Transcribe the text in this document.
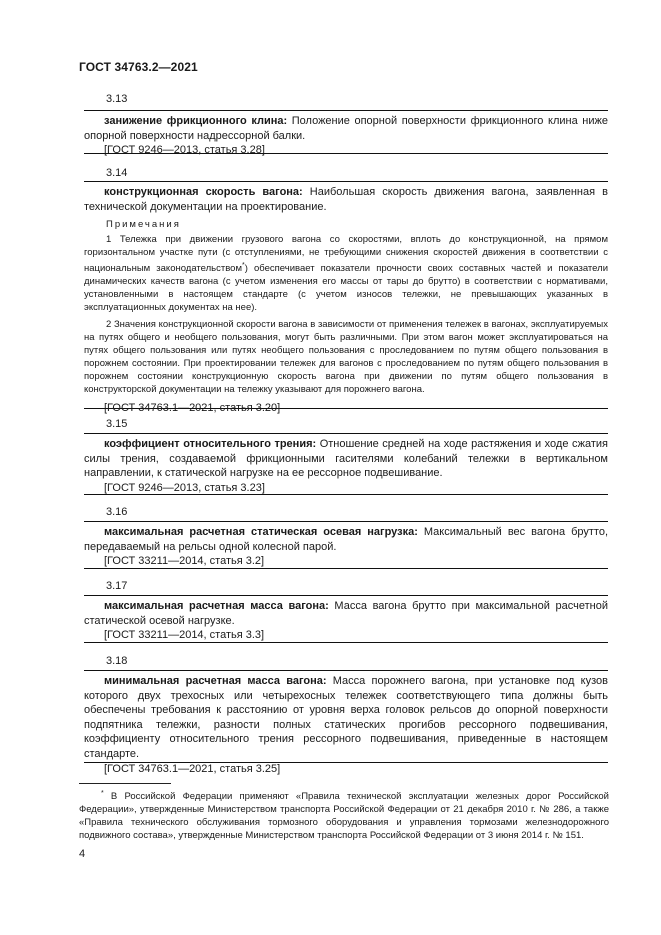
ГОСТ 34763.2—2021
3.13

занижение фрикционного клина: Положение опорной поверхности фрикционного клина ниже опорной поверхности надрессорной балки.

[ГОСТ 9246—2013, статья 3.28]

3.14

конструкционная скорость вагона: Наибольшая скорость движения вагона, заявленная в технической документации на проектирование.

Примечания

1 Тележка при движении грузового вагона со скоростями, вплоть до конструкционной, на прямом горизонтальном участке пути (с отступлениями, не требующими снижения скоростей движения в соответствии с национальным законодательством*) обеспечивает показатели прочности своих составных частей и показатели динамических качеств вагона (с учетом изменения его массы от тары до брутто) в соответствии с нормативами, установленными в настоящем стандарте (с учетом износов тележки, не превышающих указанных в эксплуатационных документах на нее).

2 Значения конструкционной скорости вагона в зависимости от применения тележек в вагонах, эксплуатируемых на путях общего и необщего пользования, могут быть различными. При этом вагон может эксплуатироваться на путях общего пользования или путях необщего пользования с проследованием по путям общего пользования в порожнем состоянии. При проектировании тележек для вагонов с проследованием по путям общего пользования в порожнем состоянии конструкционную скорость вагона при движении по путям общего пользования в конструкторской документации на тележку указывают для порожнего вагона.

[ГОСТ 34763.1—2021, статья 3.20]

3.15

коэффициент относительного трения: Отношение средней на ходе растяжения и ходе сжатия силы трения, создаваемой фрикционными гасителями колебаний тележки в вертикальном направлении, к статической нагрузке на ее рессорное подвешивание.

[ГОСТ 9246—2013, статья 3.23]

3.16

максимальная расчетная статическая осевая нагрузка: Максимальный вес вагона брутто, передаваемый на рельсы одной колесной парой.

[ГОСТ 33211—2014, статья 3.2]

3.17

максимальная расчетная масса вагона: Масса вагона брутто при максимальной расчетной статической осевой нагрузке.

[ГОСТ 33211—2014, статья 3.3]

3.18

минимальная расчетная масса вагона: Масса порожнего вагона, при установке под кузов которого двух трехосных или четырехосных тележек соответствующего типа должны быть обеспечены требования к расстоянию от уровня верха головок рельсов до опорной поверхности подпятника тележки, разности полных статических прогибов рессорного подвешивания, коэффициенту относительного трения рессорного подвешивания, приведенные в настоящем стандарте.

[ГОСТ 34763.1—2021, статья 3.25]

* В Российской Федерации применяют «Правила технической эксплуатации железных дорог Российской Федерации», утвержденные Министерством транспорта Российской Федерации от 21 декабря 2010 г. № 286, а также «Правила технического обслуживания тормозного оборудования и управления тормозами железнодорожного подвижного состава», утвержденные Министерством транспорта Российской Федерации от 3 июня 2014 г. № 151.
4
